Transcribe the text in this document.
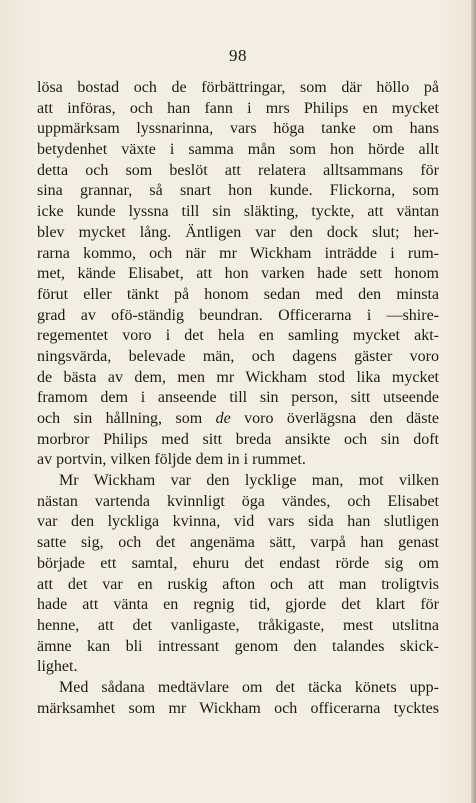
98
lösa bostad och de förbättringar, som där höllo på
att införas, och han fann i mrs Philips en mycket
uppmärksam lyssnarinna, vars höga tanke om hans
betydenhet växte i samma mån som hon hörde allt
detta och som beslöt att relatera alltsammans för
sina grannar, så snart hon kunde. Flickorna, som
icke kunde lyssna till sin släkting, tyckte, att väntan
blev mycket lång. Äntligen var den dock slut; her-
rarna kommo, och när mr Wickham inträdde i rum-
met, kände Elisabet, att hon varken hade sett honom
förut eller tänkt på honom sedan med den minsta
grad av ofö-ständig beundran. Officerarna i —shire-
regementet voro i det hela en samling mycket akt-
ningsvärda, belevade män, och dagens gäster voro
de bästa av dem, men mr Wickham stod lika mycket
framom dem i anseende till sin person, sitt utseende
och sin hållning, som de voro överlägsna den däste
morbror Philips med sitt breda ansikte och sin doft
av portvin, vilken följde dem in i rummet.
Mr Wickham var den lycklige man, mot vilken
nästan vartenda kvinnligt öga vändes, och Elisabet
var den lyckliga kvinna, vid vars sida han slutligen
satte sig, och det angenäma sätt, varpå han genast
började ett samtal, ehuru det endast rörde sig om
att det var en ruskig afton och att man troligtvis
hade att vänta en regnig tid, gjorde det klart för
henne, att det vanligaste, tråkigaste, mest utslitna
ämne kan bli intressant genom den talandes skick-
lighet.
Med sådana medtävlare om det täcka könets upp-
märksamhet som mr Wickham och officerarna tycktes
